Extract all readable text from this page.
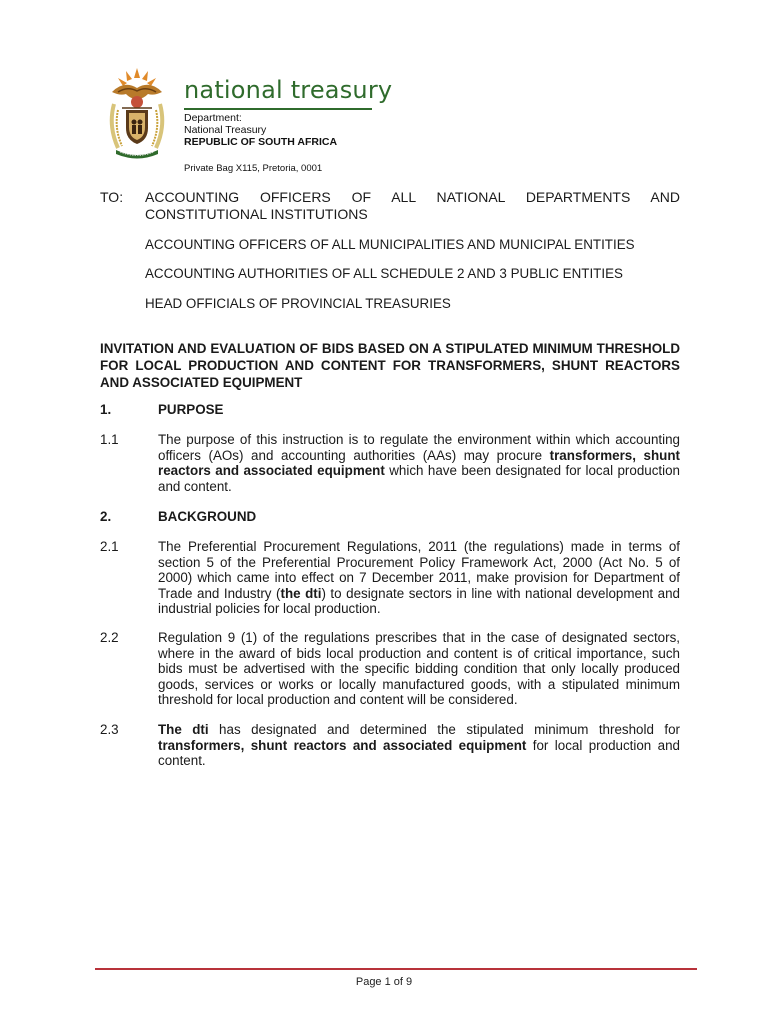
national treasury
Department:
National Treasury
REPUBLIC OF SOUTH AFRICA
Private Bag X115, Pretoria, 0001
TO: ACCOUNTING OFFICERS OF ALL NATIONAL DEPARTMENTS AND
CONSTITUTIONAL INSTITUTIONS
ACCOUNTING OFFICERS OF ALL MUNICIPALITIES AND MUNICIPAL ENTITIES
ACCOUNTING AUTHORITIES OF ALL SCHEDULE 2 AND 3 PUBLIC ENTITIES
HEAD OFFICIALS OF PROVINCIAL TREASURIES
INVITATION AND EVALUATION OF BIDS BASED ON A STIPULATED MINIMUM THRESHOLD FOR LOCAL PRODUCTION AND CONTENT FOR TRANSFORMERS, SHUNT REACTORS AND ASSOCIATED EQUIPMENT
1.	PURPOSE
1.1	The purpose of this instruction is to regulate the environment within which accounting officers (AOs) and accounting authorities (AAs) may procure transformers, shunt reactors and associated equipment which have been designated for local production and content.
2.	BACKGROUND
2.1	The Preferential Procurement Regulations, 2011 (the regulations) made in terms of section 5 of the Preferential Procurement Policy Framework Act, 2000 (Act No. 5 of 2000) which came into effect on 7 December 2011, make provision for Department of Trade and Industry (the dti) to designate sectors in line with national development and industrial policies for local production.
2.2	Regulation 9 (1) of the regulations prescribes that in the case of designated sectors, where in the award of bids local production and content is of critical importance, such bids must be advertised with the specific bidding condition that only locally produced goods, services or works or locally manufactured goods, with a stipulated minimum threshold for local production and content will be considered.
2.3	The dti has designated and determined the stipulated minimum threshold for transformers, shunt reactors and associated equipment for local production and content.
Page 1 of 9
